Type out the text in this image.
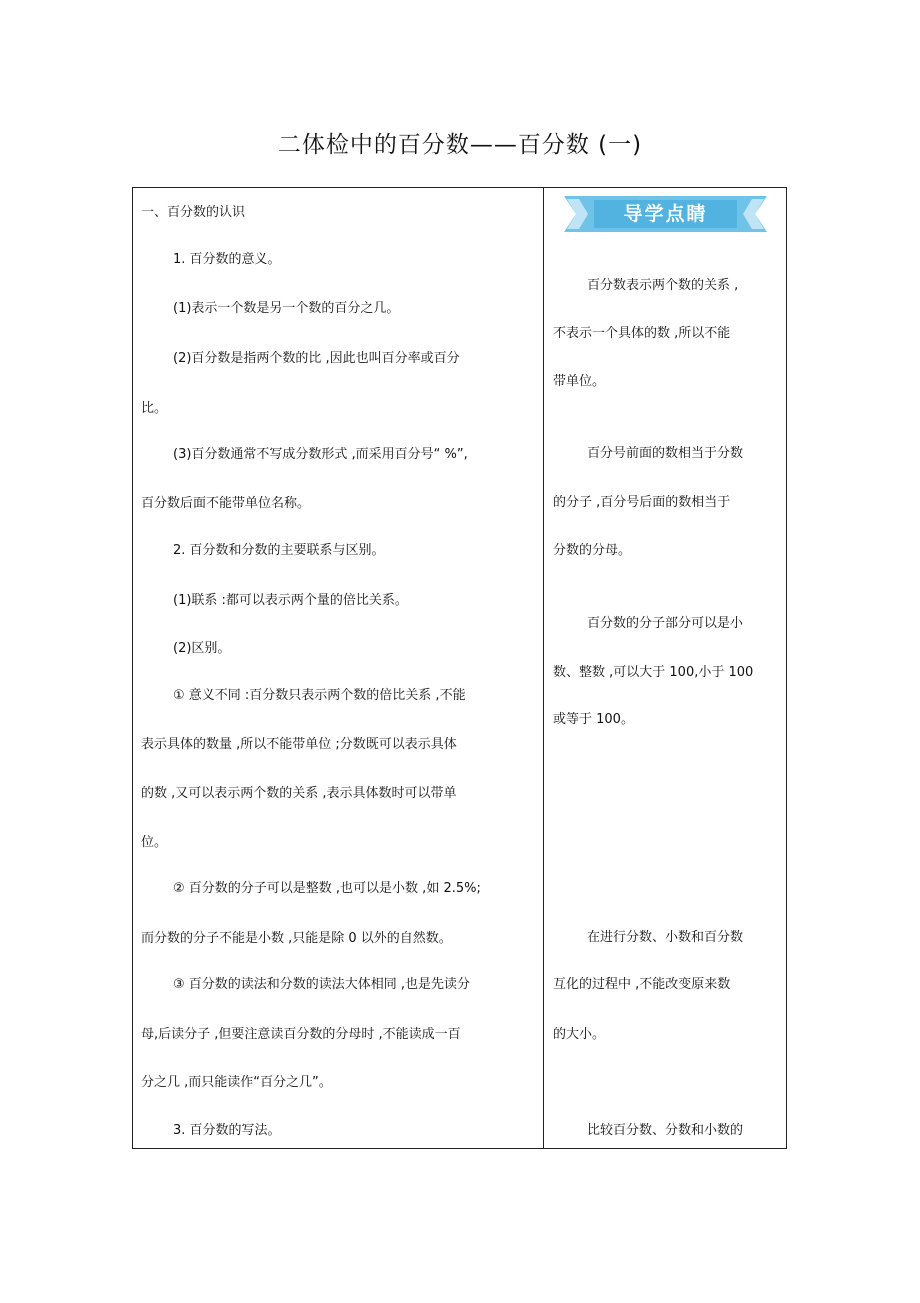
二体检中的百分数——百分数 (一)
一、百分数的认识
1. 百分数的意义。
(1)表示一个数是另一个数的百分之几。
(2)百分数是指两个数的比 ,因此也叫百分率或百分
比。
(3)百分数通常不写成分数形式 ,而采用百分号“ %”,
百分数后面不能带单位名称。
2. 百分数和分数的主要联系与区别。
(1)联系 :都可以表示两个量的倍比关系。
(2)区别。
① 意义不同 :百分数只表示两个数的倍比关系 ,不能
表示具体的数量 ,所以不能带单位 ;分数既可以表示具体
的数 ,又可以表示两个数的关系 ,表示具体数时可以带单
位。
② 百分数的分子可以是整数 ,也可以是小数 ,如 2.5%;
而分数的分子不能是小数 ,只能是除 0 以外的自然数。
③ 百分数的读法和分数的读法大体相同 ,也是先读分
母,后读分子 ,但要注意读百分数的分母时 ,不能读成一百
分之几 ,而只能读作“百分之几”。
3. 百分数的写法。
导学点睛
百分数表示两个数的关系 ,
不表示一个具体的数 ,所以不能
带单位。
百分号前面的数相当于分数
的分子 ,百分号后面的数相当于
分数的分母。
百分数的分子部分可以是小
数、整数 ,可以大于 100,小于 100
或等于 100。
在进行分数、小数和百分数
互化的过程中 ,不能改变原来数
的大小。
比较百分数、分数和小数的
